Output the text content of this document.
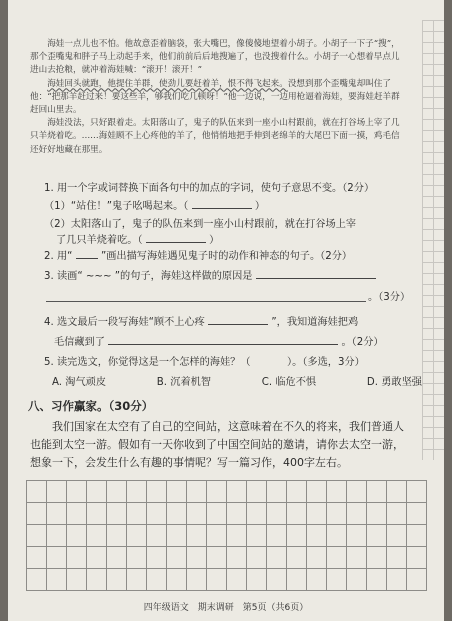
海娃一点儿也不怕。他故意歪着脑袋，张大嘴巴，像傻傻地望着小胡子。小胡子一下子“搜”，那个歪嘴鬼和胖子马上动起手来，他们前前后后地搜遍了，也没搜着什么。小胡子一心想着早点儿进山去抢粮，就冲着海娃喊：“滚开！滚开！”

海娃回头就跑，他提住羊群，使劲儿要赶着羊，恨不得飞起来。没想到那个歪嘴鬼却叫住了他：“把那羊赶过来！要这些羊，够我们吃几顿呀！”他一边说，一边用枪逼着海娃，要海娃赶羊群赶回山里去。

海娃没法，只好跟着走。太阳落山了，鬼子的队伍来到一座小山村跟前，就在打谷场上宰了几只羊烧着吃。……海娃顾不上心疼他的羊了，他悄悄地把手伸到老绵羊的大尾巴下面一摸，鸡毛信还好好地藏在那里。

1. 用一个字或词替换下面各句中的加点的字词，使句子意思不变。（2分）
（1）“站住！”鬼子吆喝起来。（	）
（2）太阳落山了，鬼子的队伍来到一座小山村跟前，就在打谷场上宰
了几只羊烧着吃。（	）
2. 用“	”画出描写海娃遇见鬼子时的动作和神态的句子。（2分）
3. 读画“ ~~~ ”的句子，海娃这样做的原因是
。（3分）
4. 选文最后一段写海娃“顾不上心疼	”，我知道海娃把鸡
毛信藏到了	。（2分）
5. 读完选文，你觉得这是一个怎样的海娃？（	）。（多选，3分）
A. 淘气顽皮	B. 沉着机智	C. 临危不惧	D. 勇敢坚强
八、习作赢家。（30分）
我们国家在太空有了自己的空间站，这意味着在不久的将来，我们普通人也能到太空一游。假如有一天你收到了中国空间站的邀请，请你去太空一游，想象一下，会发生什么有趣的事情呢？写一篇习作，400字左右。
四年级语文　期末调研　第5页（共6页）
